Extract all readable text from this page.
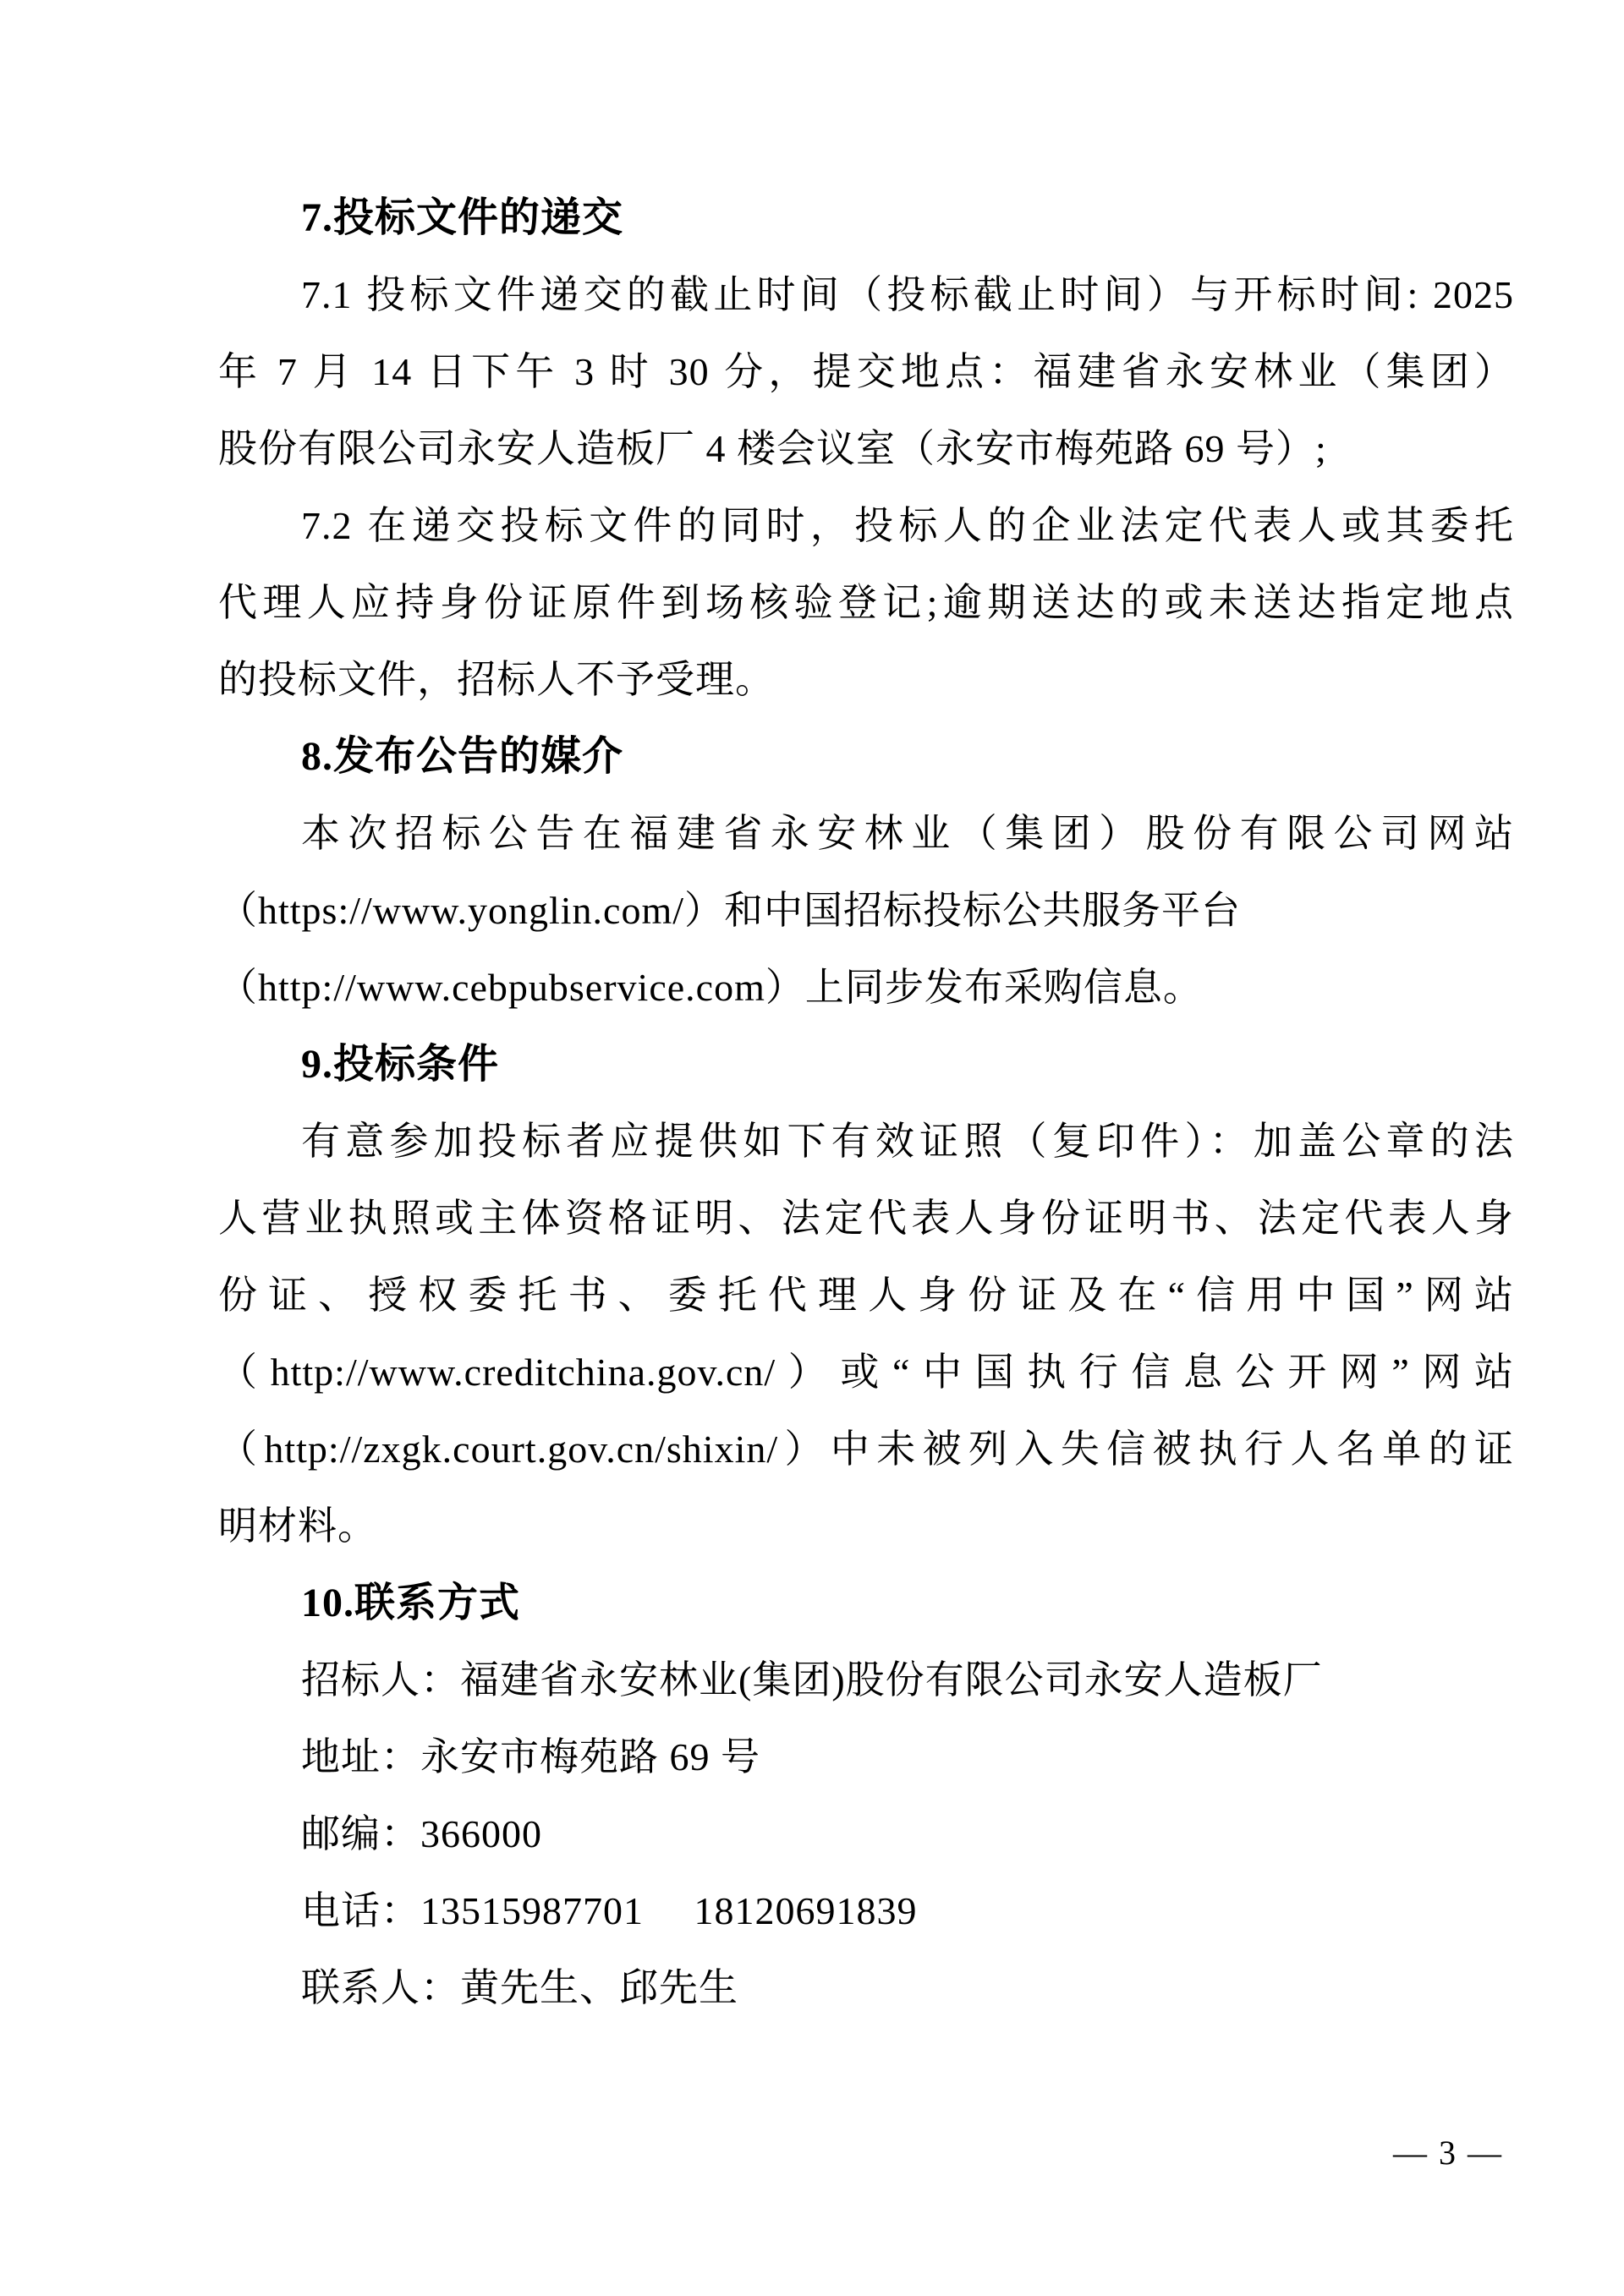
7.投标文件的递交

7.1 投标文件递交的截止时间（投标截止时间）与开标时间: 2025

年 7 月 14 日下午 3 时 30 分，提交地点：福建省永安林业（集团）

股份有限公司永安人造板厂 4 楼会议室（永安市梅苑路 69 号）;

7.2 在递交投标文件的同时，投标人的企业法定代表人或其委托

代理人应持身份证原件到场核验登记;逾期送达的或未送达指定地点

的投标文件，招标人不予受理。

8.发布公告的媒介

本次招标公告在福建省永安林业（集团）股份有限公司网站

（https://www.yonglin.com/）和中国招标投标公共服务平台

（http://www.cebpubservice.com）上同步发布采购信息。

9.投标条件

有意参加投标者应提供如下有效证照（复印件）：加盖公章的法

人营业执照或主体资格证明、法定代表人身份证明书、法定代表人身

份证、授权委托书、委托代理人身份证及在“信用中国”网站

（http://www.creditchina.gov.cn/）或“中国执行信息公开网”网站

（http://zxgk.court.gov.cn/shixin/）中未被列入失信被执行人名单的证

明材料。

10.联系方式

招标人：福建省永安林业(集团)股份有限公司永安人造板厂

地址：永安市梅苑路 69 号

邮编：366000

电话：13515987701　 18120691839

联系人：黄先生、邱先生

— 3 —
